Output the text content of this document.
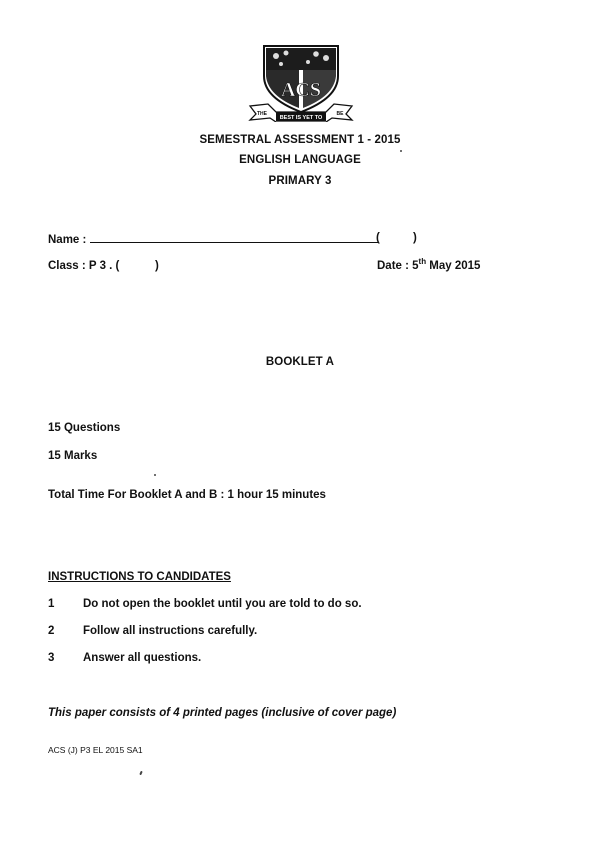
ACS
THE
BEST IS YET TO
BE
SEMESTRAL ASSESSMENT 1 - 2015
ENGLISH LANGUAGE
PRIMARY 3
Name :	(	)
Class : P 3 . (	)	Date : 5th May 2015
BOOKLET A
15 Questions
15 Marks
Total Time For Booklet A and B : 1 hour 15 minutes
INSTRUCTIONS TO CANDIDATES
1 Do not open the booklet until you are told to do so.
2 Follow all instructions carefully.
3 Answer all questions.
This paper consists of 4 printed pages (inclusive of cover page)
ACS (J) P3 EL 2015 SA1
